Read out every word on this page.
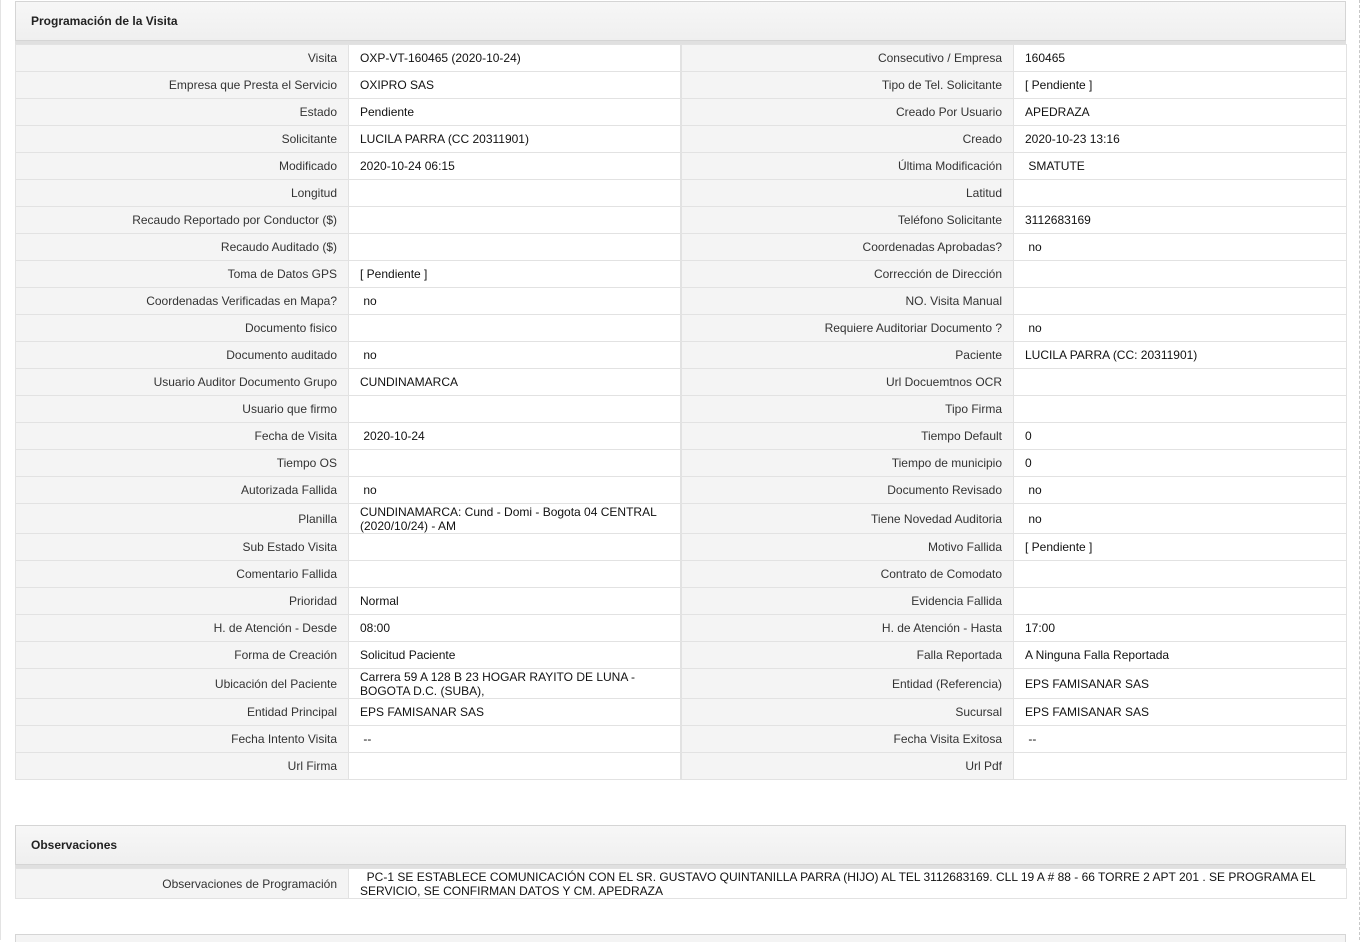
Programación de la Visita
Visita	OXP-VT-160465 (2020-10-24)	Consecutivo / Empresa	160465
Empresa que Presta el Servicio	OXIPRO SAS	Tipo de Tel. Solicitante	[ Pendiente ]
Estado	Pendiente	Creado Por Usuario	APEDRAZA
Solicitante	LUCILA PARRA (CC 20311901)	Creado	2020-10-23 13:16
Modificado	2020-10-24 06:15	Última Modificación	SMATUTE
Longitud		Latitud	
Recaudo Reportado por Conductor ($)		Teléfono Solicitante	3112683169
Recaudo Auditado ($)		Coordenadas Aprobadas?	no
Toma de Datos GPS	[ Pendiente ]	Corrección de Dirección	
Coordenadas Verificadas en Mapa?	no	NO. Visita Manual	
Documento fisico		Requiere Auditoriar Documento ?	no
Documento auditado	no	Paciente	LUCILA PARRA (CC: 20311901)
Usuario Auditor Documento Grupo	CUNDINAMARCA	Url Docuemtnos OCR	
Usuario que firmo		Tipo Firma	
Fecha de Visita	2020-10-24	Tiempo Default	0
Tiempo OS		Tiempo de municipio	0
Autorizada Fallida	no	Documento Revisado	no
Planilla	CUNDINAMARCA: Cund - Domi - Bogota 04 CENTRAL (2020/10/24) - AM	Tiene Novedad Auditoria	no
Sub Estado Visita		Motivo Fallida	[ Pendiente ]
Comentario Fallida		Contrato de Comodato	
Prioridad	Normal	Evidencia Fallida	
H. de Atención - Desde	08:00	H. de Atención - Hasta	17:00
Forma de Creación	Solicitud Paciente	Falla Reportada	A Ninguna Falla Reportada
Ubicación del Paciente	Carrera 59 A 128 B 23 HOGAR RAYITO DE LUNA - BOGOTA D.C. (SUBA),	Entidad (Referencia)	EPS FAMISANAR SAS
Entidad Principal	EPS FAMISANAR SAS	Sucursal	EPS FAMISANAR SAS
Fecha Intento Visita	--	Fecha Visita Exitosa	--
Url Firma		Url Pdf	
Observaciones
Observaciones de Programación	PC-1 SE ESTABLECE COMUNICACIÓN CON EL SR. GUSTAVO QUINTANILLA PARRA (HIJO) AL TEL 3112683169. CLL 19 A # 88 - 66 TORRE 2 APT 201 . SE PROGRAMA EL SERVICIO, SE CONFIRMAN DATOS Y CM. APEDRAZA
